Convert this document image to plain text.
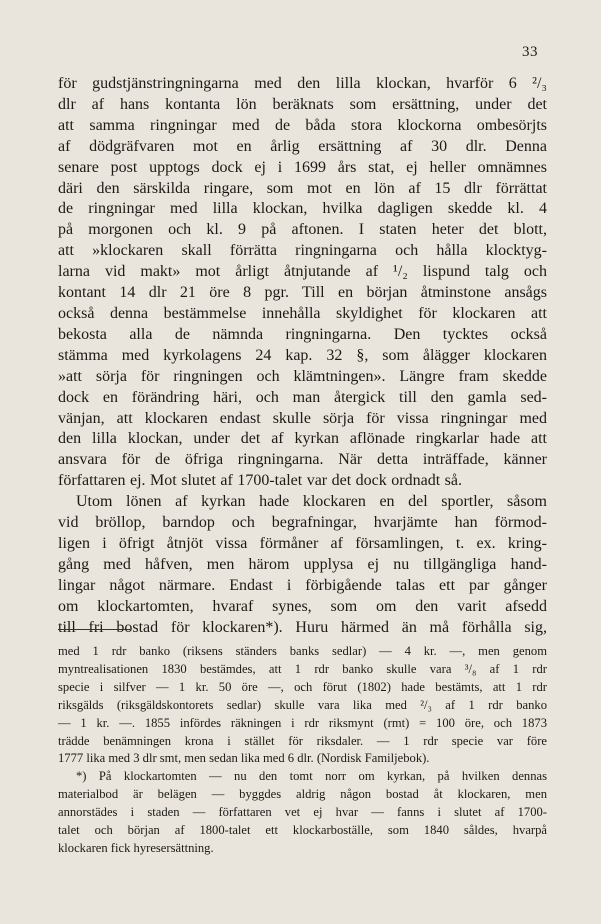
33
för gudstjänstringningarna med den lilla klockan, hvarför 6 ²/₃
dlr af hans kontanta lön beräknats som ersättning, under det
att samma ringningar med de båda stora klockorna ombesörjts
af dödgräfvaren mot en årlig ersättning af 30 dlr. Denna
senare post upptogs dock ej i 1699 års stat, ej heller omnämnes
däri den särskilda ringare, som mot en lön af 15 dlr förrättat
de ringningar med lilla klockan, hvilka dagligen skedde kl. 4
på morgonen och kl. 9 på aftonen. I staten heter det blott,
att »klockaren skall förrätta ringningarna och hålla klocktyg-
larna vid makt» mot årligt åtnjutande af ¹/₂ lispund talg och
kontant 14 dlr 21 öre 8 pgr. Till en början åtminstone ansågs
också denna bestämmelse innehålla skyldighet för klockaren att
bekosta alla de nämnda ringningarna. Den tycktes också
stämma med kyrkolagens 24 kap. 32 §, som ålägger klockaren
»att sörja för ringningen och klämtningen». Längre fram skedde
dock en förändring häri, och man återgick till den gamla sed-
vänjan, att klockaren endast skulle sörja för vissa ringningar med
den lilla klockan, under det af kyrkan aflönade ringkarlar hade att
ansvara för de öfriga ringningarna. När detta inträffade, känner
författaren ej. Mot slutet af 1700-talet var det dock ordnadt så.
Utom lönen af kyrkan hade klockaren en del sportler, såsom
vid bröllop, barndop och begrafningar, hvarjämte han förmod-
ligen i öfrigt åtnjöt vissa förmåner af församlingen, t. ex. kring-
gång med håfven, men härom upplysa ej nu tillgängliga hand-
lingar något närmare. Endast i förbigående talas ett par gånger
om klockartomten, hvaraf synes, som om den varit afsedd
till fri bostad för klockaren*). Huru härmed än må förhålla sig,
med 1 rdr banko (riksens ständers banks sedlar) — 4 kr. —, men genom
myntrealisationen 1830 bestämdes, att 1 rdr banko skulle vara ³/₈ af 1 rdr
specie i silfver — 1 kr. 50 öre —, och förut (1802) hade bestämts, att 1 rdr
riksgälds (riksgäldskontorets sedlar) skulle vara lika med ²/₃ af 1 rdr banko
— 1 kr. —. 1855 infördes räkningen i rdr riksmynt (rmt) = 100 öre, och 1873
trädde benämningen krona i stället för riksdaler. — 1 rdr specie var före
1777 lika med 3 dlr smt, men sedan lika med 6 dlr. (Nordisk Familjebok).
*) På klockartomten — nu den tomt norr om kyrkan, på hvilken dennas
materialbod är belägen — byggdes aldrig någon bostad åt klockaren, men
annorstädes i staden — författaren vet ej hvar — fanns i slutet af 1700-
talet och början af 1800-talet ett klockarboställe, som 1840 såldes, hvarpå
klockaren fick hyresersättning.
